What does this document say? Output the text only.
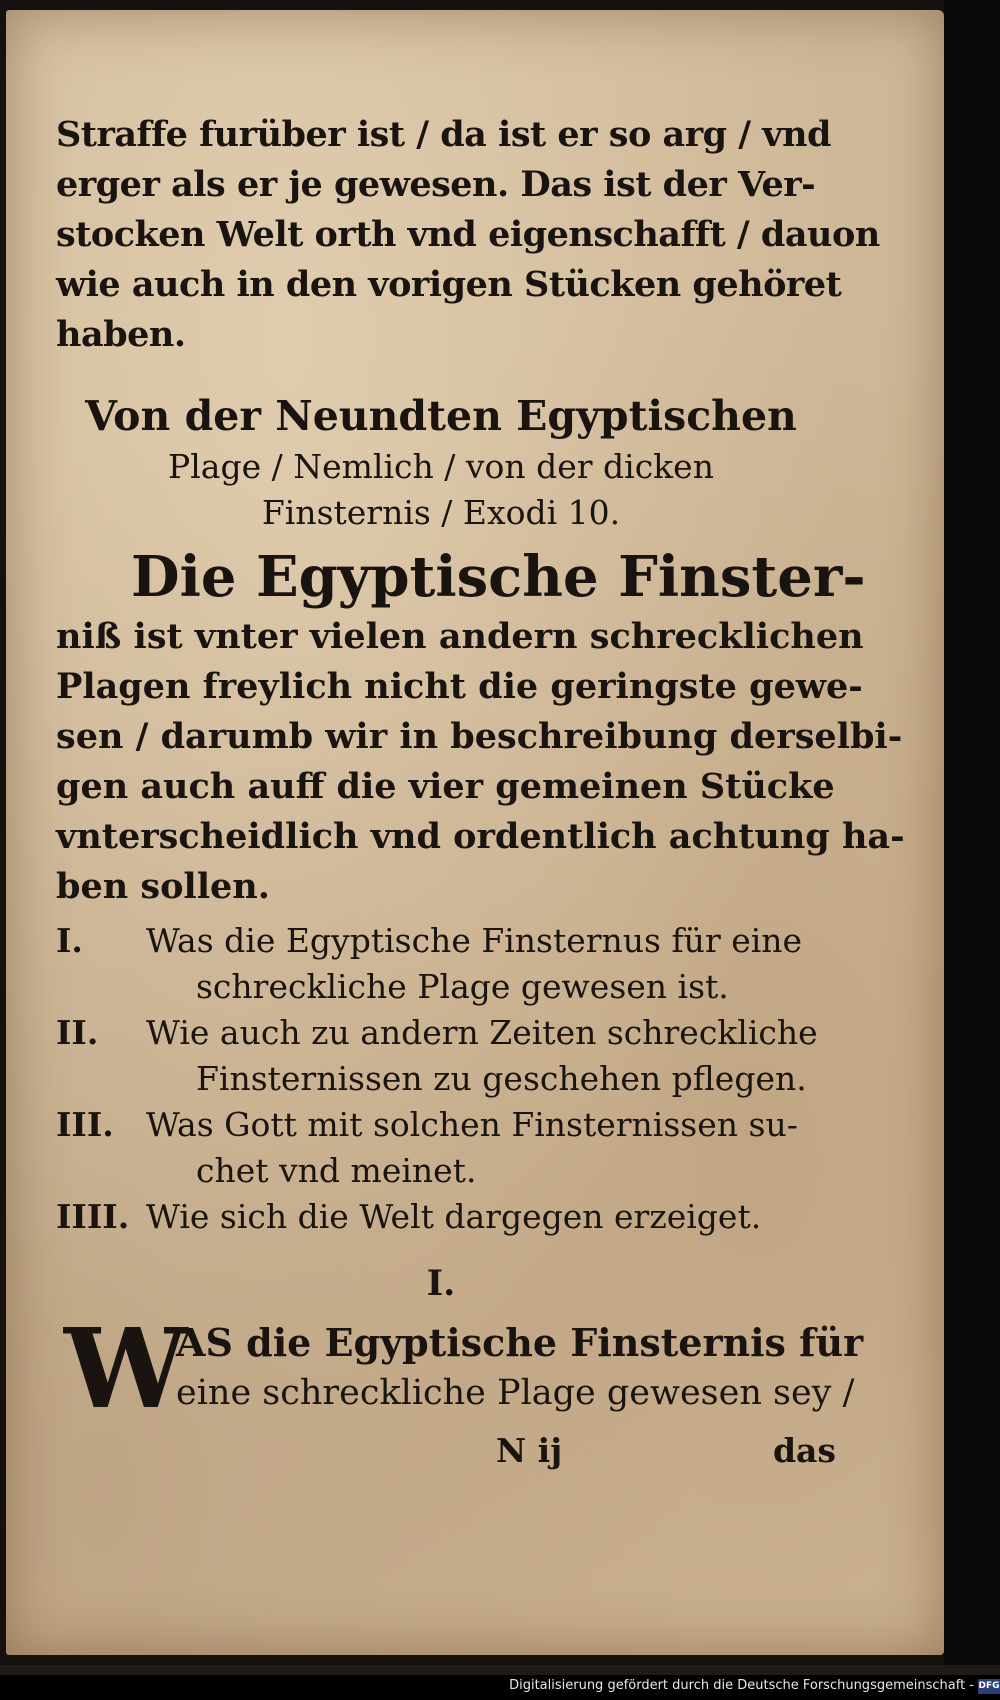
Straffe furüber ist / da ist er so arg / vnd
erger als er je gewesen. Das ist der Ver-
stocken Welt orth vnd eigenschafft / dauon
wie auch in den vorigen Stücken gehöret
haben.
Von der Neundten Egyptischen
Plage / Nemlich / von der dicken
Finsternis / Exodi 10.
Die Egyptische Finster-
niß ist vnter vielen andern schrecklichen
Plagen freylich nicht die geringste gewe-
sen / darumb wir in beschreibung derselbi-
gen auch auff die vier gemeinen Stücke
vnterscheidlich vnd ordentlich achtung ha-
ben sollen.
I.	Was die Egyptische Finsternus für eine
schreckliche Plage gewesen ist.
II.	Wie auch zu andern Zeiten schreckliche
Finsternissen zu geschehen pflegen.
III. Was Gott mit solchen Finsternissen su-
chet vnd meinet.
IIII. Wie sich die Welt dargegen erzeiget.
I.
W
AS die Egyptische Finsternis für
eine schreckliche Plage gewesen sey /
N ij	das
Digitalisierung gefördert durch die Deutsche Forschungsgemeinschaft - DFG
